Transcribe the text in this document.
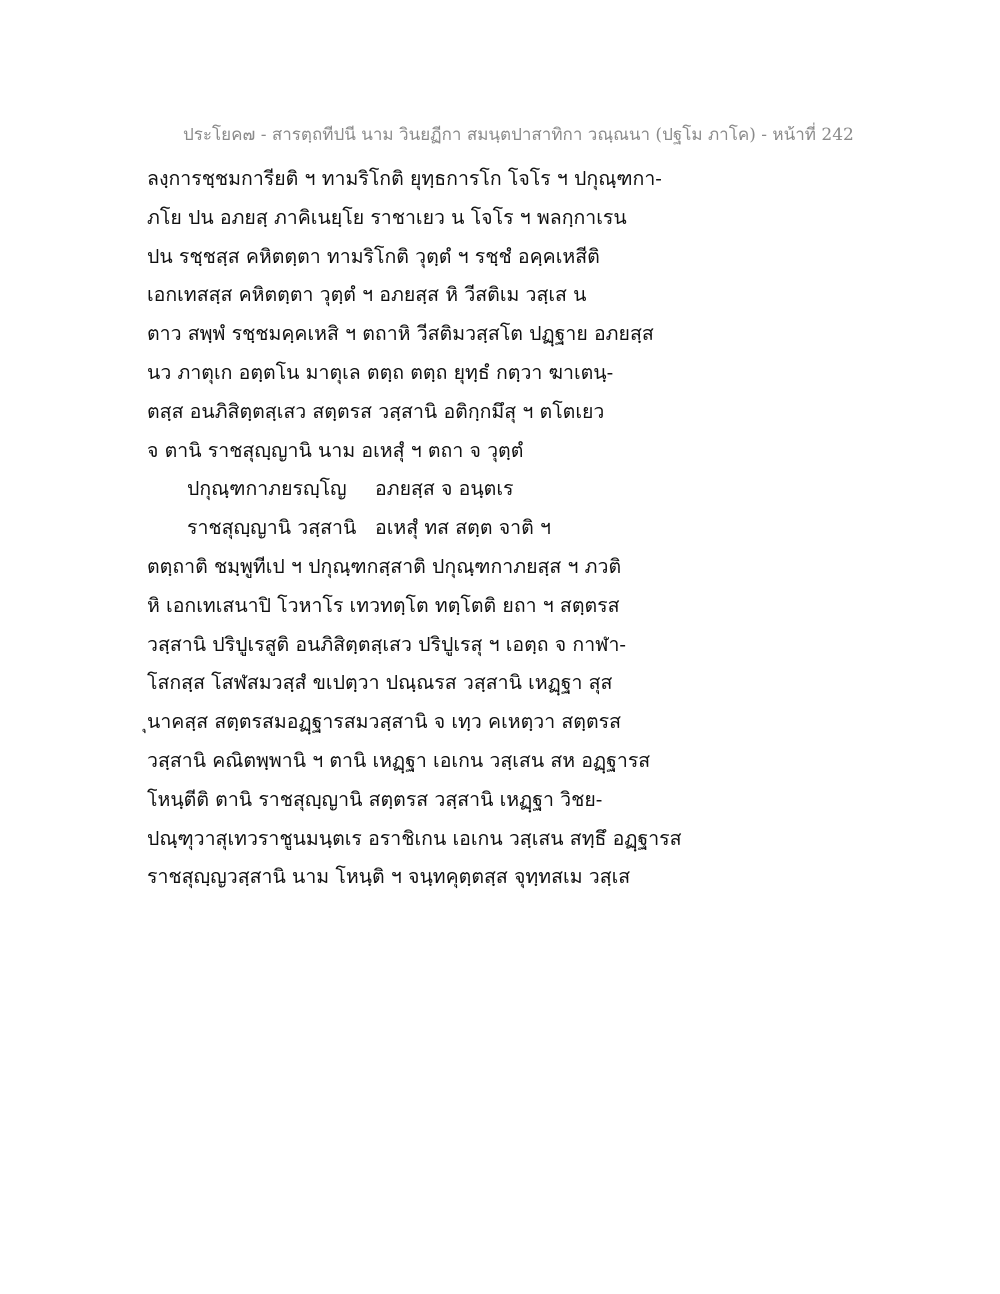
ประโยค๗ - สารตฺถทีปนี นาม วินยฏีกา สมนฺตปาสาทิกา วณฺณนา (ปฐโม ภาโค) - หน้าที่ 242
ลงฺการชฺชมการียติ ฯ ทามริโกติ ยุทฺธการโก โจโร ฯ ปกุณฺฑกา-
ภโย ปน อภยสฺ ภาคิเนยฺโย ราชาเยว น โจโร ฯ พลกฺกาเรน
ปน รชฺชสฺส คหิตตฺตา ทามริโกติ วุตฺตํ ฯ รชฺชํ อคฺคเหสีติ
เอกเทสสฺส คหิตตฺตา วุตฺตํ ฯ อภยสฺส หิ วีสติเม วสฺเส น
ตาว สพฺพํ รชฺชมคฺคเหสิ ฯ ตถาหิ วีสติมวสฺสโต ปฏฺฐาย อภยสฺส
นว ภาตุเก อตฺตโน มาตุเล ตตฺถ ตตฺถ ยุทฺธํ กตฺวา ฆาเตนฺ-
ตสฺส อนภิสิตฺตสฺเสว สตฺตรส วสฺสานิ อติกฺกมึสุ ฯ ตโตเยว
จ ตานิ ราชสุญฺญานิ นาม อเหสุํ ฯ ตถา จ วุตฺตํ
ปกุณฺฑกาภยรญฺโญ อภยสฺส จ อนฺตเร
ราชสุญฺญานิ วสฺสานิ อเหสุํ ทส สตฺต จาติ ฯ
ตตฺถาติ ชมฺพูทีเป ฯ ปกุณฺฑกสฺสาติ ปกุณฺฑกาภยสฺส ฯ ภวติ
หิ เอกเทเสนาปิ โวหาโร เทวทตฺโต ทตฺโตติ ยถา ฯ สตฺตรส
วสฺสานิ ปริปูเรสูติ อนภิสิตฺตสฺเสว ปริปูเรสุ ฯ เอตฺถ จ กาฬา-
โสกสฺส โสฬสมวสฺสํ ขเปตฺวา ปณฺณรส วสฺสานิ เหฏฺฐา สุส
ุนาคสฺส สตฺตรสมอฏฺฐารสมวสฺสานิ จ เทฺว คเหตฺวา สตฺตรส
วสฺสานิ คณิตพฺพานิ ฯ ตานิ เหฏฺฐา เอเกน วสฺเสน สห อฏฺฐารส
โหนฺตีติ ตานิ ราชสุญฺญานิ สตฺตรส วสฺสานิ เหฏฺฐา วิชย-
ปณฺฑุวาสุเทวราชูนมนฺตเร อราชิเกน เอเกน วสฺเสน สทฺธึ อฏฺฐารส
ราชสุญฺญวสฺสานิ นาม โหนฺติ ฯ จนฺทคุตฺตสฺส จุทฺทสเม วสฺเส
